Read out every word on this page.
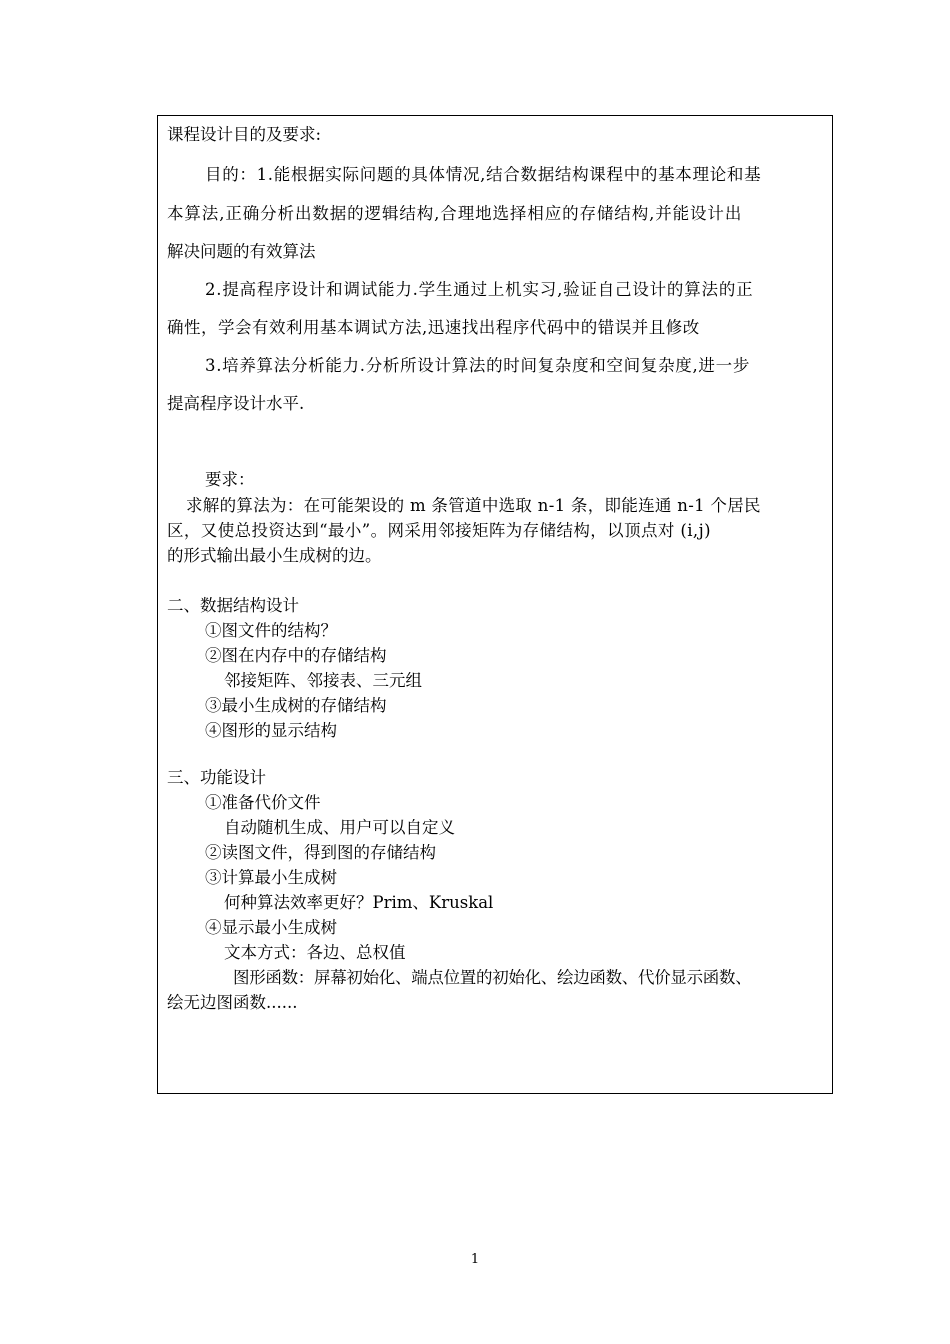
课程设计目的及要求:
目的：1.能根据实际问题的具体情况,结合数据结构课程中的基本理论和基
本算法,正确分析出数据的逻辑结构,合理地选择相应的存储结构,并能设计出
解决问题的有效算法
2.提高程序设计和调试能力.学生通过上机实习,验证自己设计的算法的正
确性，学会有效利用基本调试方法,迅速找出程序代码中的错误并且修改
3.培养算法分析能力.分析所设计算法的时间复杂度和空间复杂度,进一步
提高程序设计水平.
要求：
求解的算法为：在可能架设的 m 条管道中选取 n-1 条，即能连通 n-1 个居民
区，又使总投资达到“最小”。网采用邻接矩阵为存储结构，以顶点对 (i,j)
的形式输出最小生成树的边。
二、数据结构设计
①图文件的结构？
②图在内存中的存储结构
邻接矩阵、邻接表、三元组
③最小生成树的存储结构
④图形的显示结构
三、功能设计
①准备代价文件
自动随机生成、用户可以自定义
②读图文件，得到图的存储结构
③计算最小生成树
何种算法效率更好？Prim、Kruskal
④显示最小生成树
文本方式：各边、总权值
图形函数：屏幕初始化、端点位置的初始化、绘边函数、代价显示函数、
绘无边图函数......
1
